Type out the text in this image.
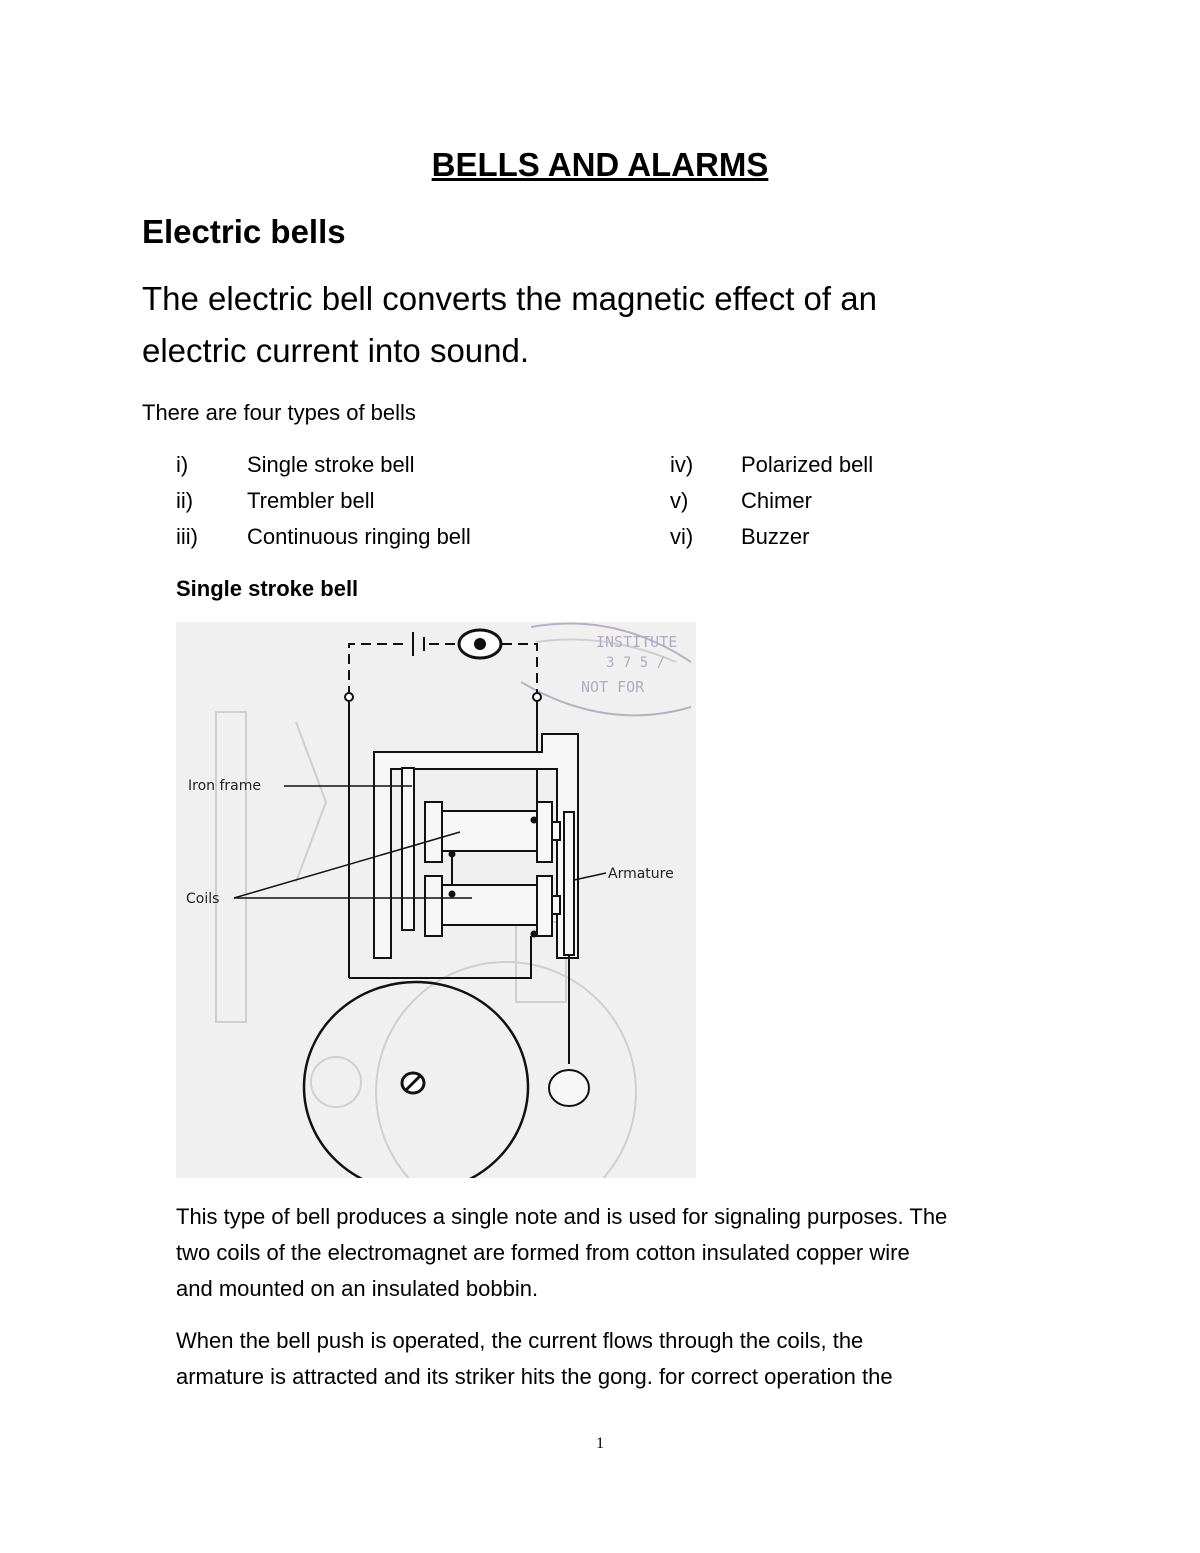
BELLS AND ALARMS
Electric bells
The electric bell converts the magnetic effect of an
electric current into sound.
There are four types of bells
i)	Single stroke bell
ii) Trembler bell
iii) Continuous ringing bell
iv) Polarized bell
v) Chimer
vi) Buzzer
Single stroke bell
INSTITUTE
3 7 5 /
NOT FOR
Iron frame
Coils
Armature
This type of bell produces a single note and is used for signaling purposes. The
two coils of the electromagnet are formed from cotton insulated copper wire
and mounted on an insulated bobbin.
When the bell push is operated, the current flows through the coils, the
armature is attracted and its striker hits the gong. for correct operation the
1
